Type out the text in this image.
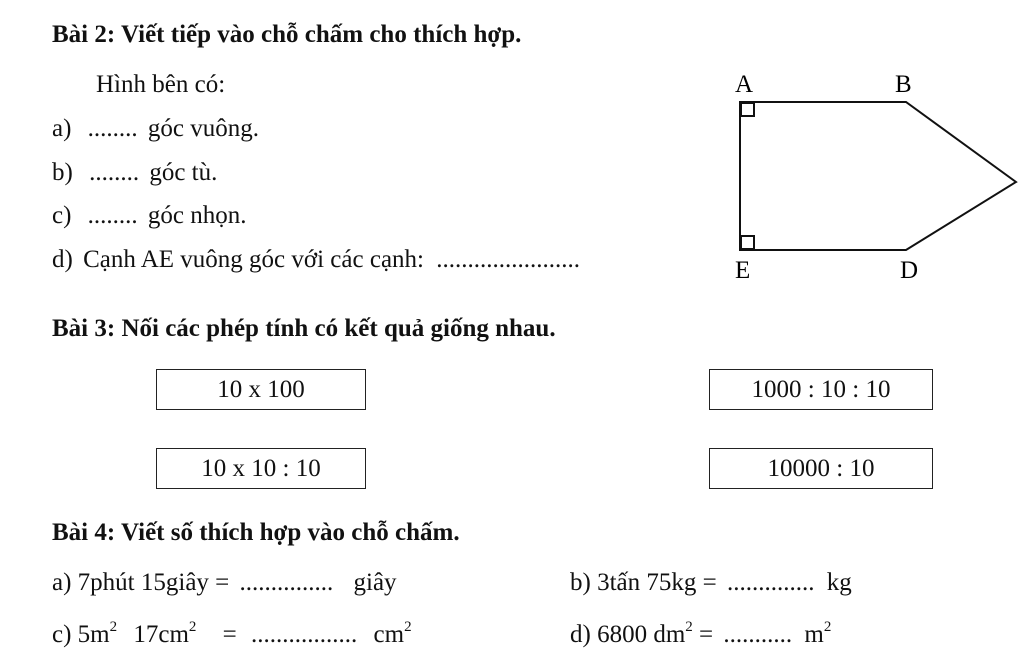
Bài 2: Viết tiếp vào chỗ chấm cho thích hợp.
Hình bên có:
a) ........ góc vuông.
b) ........ góc tù.
c) ........ góc nhọn.
d) Cạnh AE vuông góc với các cạnh: .......................
A	B
E	D
Bài 3: Nối các phép tính có kết quả giống nhau.
10 x 100	1000 : 10 : 10
10 x 10 : 10	10000 : 10
Bài 4: Viết số thích hợp vào chỗ chấm.
a) 7phút 15giây = ............... giây	b) 3tấn 75kg = .............. kg
c) $5m^2$ $17cm^2$ = ................. $cm^2$	d) 6800 $dm^2$ = ........... $m^2$
